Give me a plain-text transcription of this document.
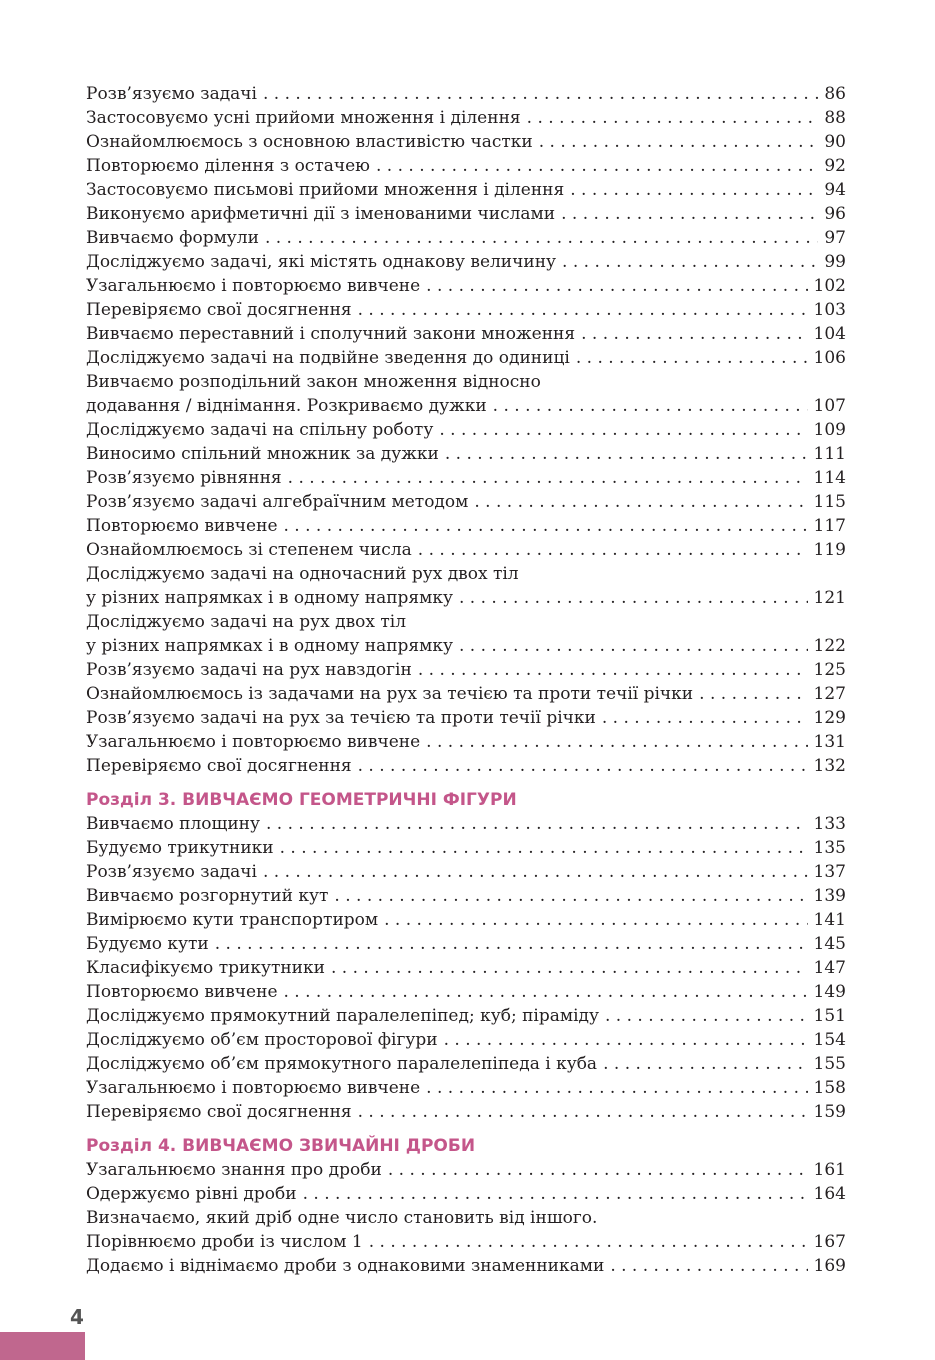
Розв’язуємо задачі . . .	86
Застосовуємо усні прийоми множення і ділення . . .	88
Ознайомлюємось з основною властивістю частки . . .	90
Повторюємо ділення з остачею . . .	92
Застосовуємо письмові прийоми множення і ділення . . .	94
Виконуємо арифметичні дії з іменованими числами . . .	96
Вивчаємо формули . . .	97
Досліджуємо задачі, які містять однакову величину . . .	99
Узагальнюємо і повторюємо вивчене . . .	102
Перевіряємо свої досягнення . . .	103
Вивчаємо переставний і сполучний закони множення . . .	104
Досліджуємо задачі на подвійне зведення до одиниці . . .	106
Вивчаємо розподільний закон множення відносно
додавання / віднімання. Розкриваємо дужки . . .	107
Досліджуємо задачі на спільну роботу . . .	109
Виносимо спільний множник за дужки . . .	111
Розв’язуємо рівняння . . .	114
Розв’язуємо задачі алгебраїчним методом . . .	115
Повторюємо вивчене . . .	117
Ознайомлюємось зі степенем числа . . .	119
Досліджуємо задачі на одночасний рух двох тіл
у різних напрямках і в одному напрямку . . .	121
Досліджуємо задачі на рух двох тіл
у різних напрямках і в одному напрямку . . .	122
Розв’язуємо задачі на рух навздогін . . .	125
Ознайомлюємось із задачами на рух за течією та проти течії річки . . .	127
Розв’язуємо задачі на рух за течією та проти течії річки . . .	129
Узагальнюємо і повторюємо вивчене . . .	131
Перевіряємо свої досягнення . . .	132
Розділ 3. ВИВЧАЄМО ГЕОМЕТРИЧНІ ФІГУРИ
Вивчаємо площину . . .	133
Будуємо трикутники . . .	135
Розв’язуємо задачі . . .	137
Вивчаємо розгорнутий кут . . .	139
Вимірюємо кути транспортиром . . .	141
Будуємо кути . . .	145
Класифікуємо трикутники . . .	147
Повторюємо вивчене . . .	149
Досліджуємо прямокутний паралелепіпед; куб; піраміду . . .	151
Досліджуємо об’єм просторової фігури . . .	154
Досліджуємо об’єм прямокутного паралелепіпеда і куба . . .	155
Узагальнюємо і повторюємо вивчене . . .	158
Перевіряємо свої досягнення . . .	159
Розділ 4. ВИВЧАЄМО ЗВИЧАЙНІ ДРОБИ
Узагальнюємо знання про дроби . . .	161
Одержуємо рівні дроби . . .	164
Визначаємо, який дріб одне число становить від іншого.
Порівнюємо дроби із числом 1 . . .	167
Додаємо і віднімаємо дроби з однаковими знаменниками . . .	169
4
